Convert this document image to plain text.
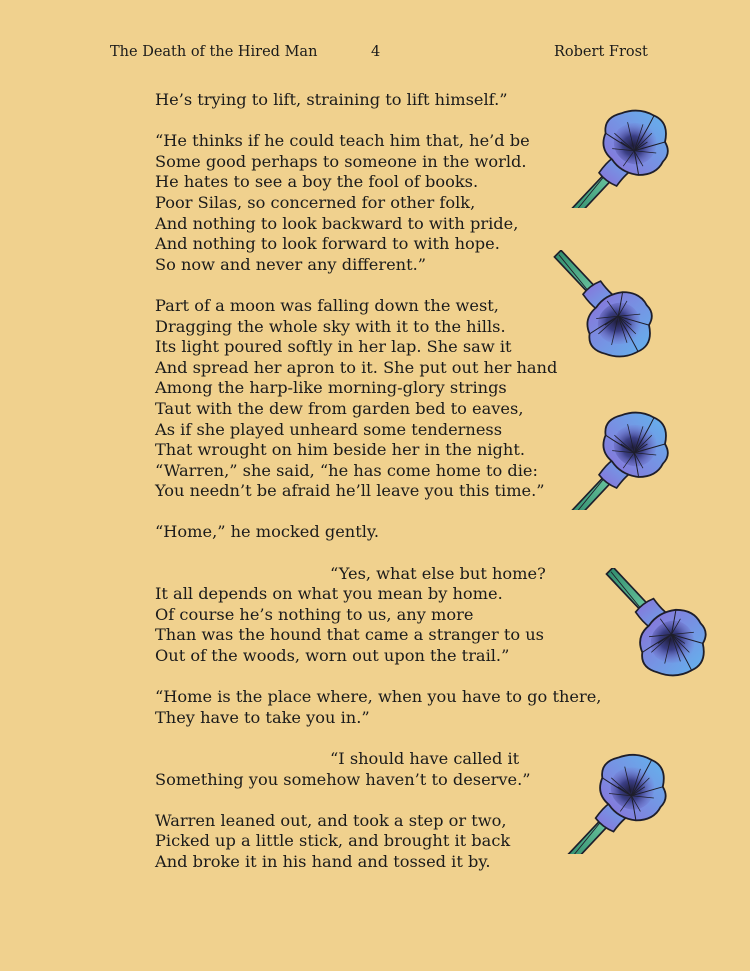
The Death of the Hired Man	4	Robert Frost
He’s trying to lift, straining to lift himself.”
“He thinks if he could teach him that, he’d be
Some good perhaps to someone in the world.
He hates to see a boy the fool of books.
Poor Silas, so concerned for other folk,
And nothing to look backward to with pride,
And nothing to look forward to with hope.
So now and never any different.”
Part of a moon was falling down the west,
Dragging the whole sky with it to the hills.
Its light poured softly in her lap. She saw it
And spread her apron to it. She put out her hand
Among the harp-like morning-glory strings
Taut with the dew from garden bed to eaves,
As if she played unheard some tenderness
That wrought on him beside her in the night.
“Warren,” she said, “he has come home to die:
You needn’t be afraid he’ll leave you this time.”
“Home,” he mocked gently.
“Yes, what else but home?
It all depends on what you mean by home.
Of course he’s nothing to us, any more
Than was the hound that came a stranger to us
Out of the woods, worn out upon the trail.”
“Home is the place where, when you have to go there,
They have to take you in.”
“I should have called it
Something you somehow haven’t to deserve.”
Warren leaned out, and took a step or two,
Picked up a little stick, and brought it back
And broke it in his hand and tossed it by.
